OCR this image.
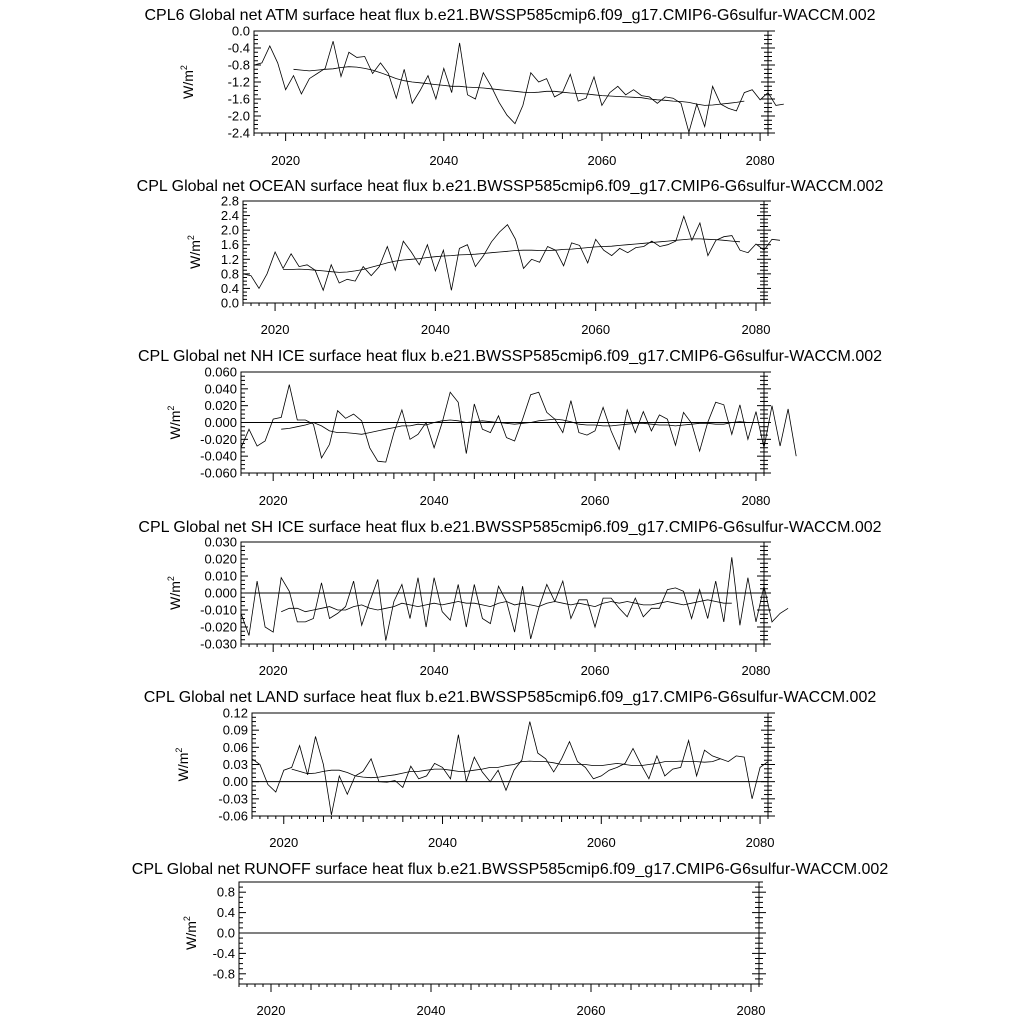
CPL6 Global net ATM surface heat flux b.e21.BWSSP585cmip6.f09_g17.CMIP6-G6sulfur-WACCM.002
0.0
-0.4
-0.8
-1.2
-1.6
-2.0
-2.4
$W/m^2$
2020	2040	2060	2080
CPL Global net OCEAN surface heat flux b.e21.BWSSP585cmip6.f09_g17.CMIP6-G6sulfur-WACCM.002
2.8
2.4
2.0
1.6
1.2
0.8
0.4
0.0
$W/m^2$
2020	2040	2060	2080
CPL Global net NH ICE surface heat flux b.e21.BWSSP585cmip6.f09_g17.CMIP6-G6sulfur-WACCM.002
0.060
0.040
0.020
0.000
-0.020
-0.040
-0.060
$W/m^2$
2020	2040	2060	2080
CPL Global net SH ICE surface heat flux b.e21.BWSSP585cmip6.f09_g17.CMIP6-G6sulfur-WACCM.002
0.030
0.020
0.010
0.000
-0.010
-0.020
-0.030
$W/m^2$
2020	2040	2060	2080
CPL Global net LAND surface heat flux b.e21.BWSSP585cmip6.f09_g17.CMIP6-G6sulfur-WACCM.002
0.12
0.09
0.06
0.03
0.00
-0.03
-0.06
$W/m^2$
2020	2040	2060	2080
CPL Global net RUNOFF surface heat flux b.e21.BWSSP585cmip6.f09_g17.CMIP6-G6sulfur-WACCM.002
0.8
0.4
0.0
-0.4
-0.8
$W/m^2$
2020	2040	2060	2080
